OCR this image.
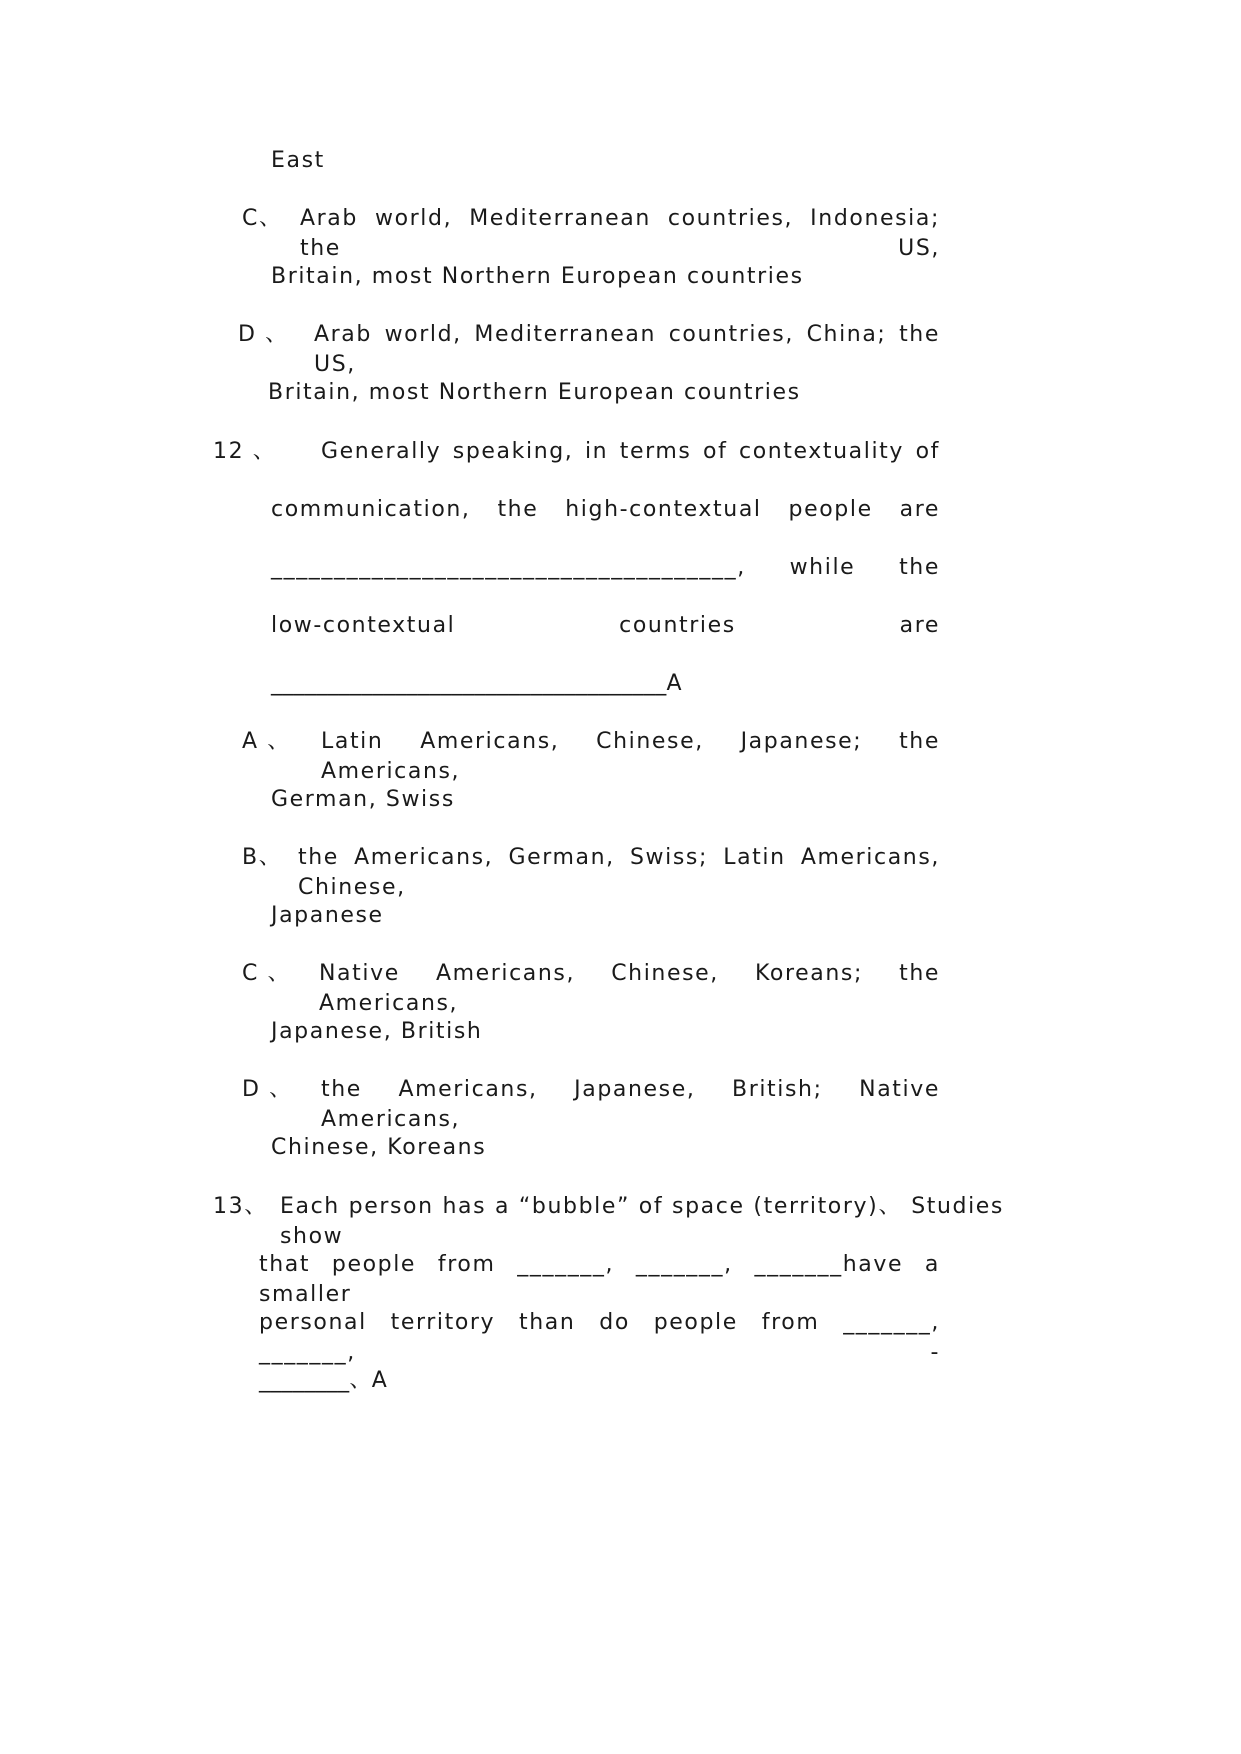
East
C、 Arab world, Mediterranean countries, Indonesia; the US,
Britain, most Northern European countries
D 、 Arab world, Mediterranean countries, China; the US,
Britain, most Northern European countries
12 、 Generally speaking, in terms of contextuality of
communication, the high-contextual people are
_____________________________________, while the
low-contextual countries are
___________________________________A
A 、 Latin Americans, Chinese, Japanese; the Americans,
German, Swiss
B、 the Americans, German, Swiss; Latin Americans, Chinese,
Japanese
C 、 Native Americans, Chinese, Koreans; the Americans,
Japanese, British
D 、 the Americans, Japanese, British; Native Americans,
Chinese, Koreans
13、 Each person has a “bubble” of space (territory)、 Studies show
that people from _______, _______, _______have a smaller
personal territory than do people from _______, _______, -
________、A
